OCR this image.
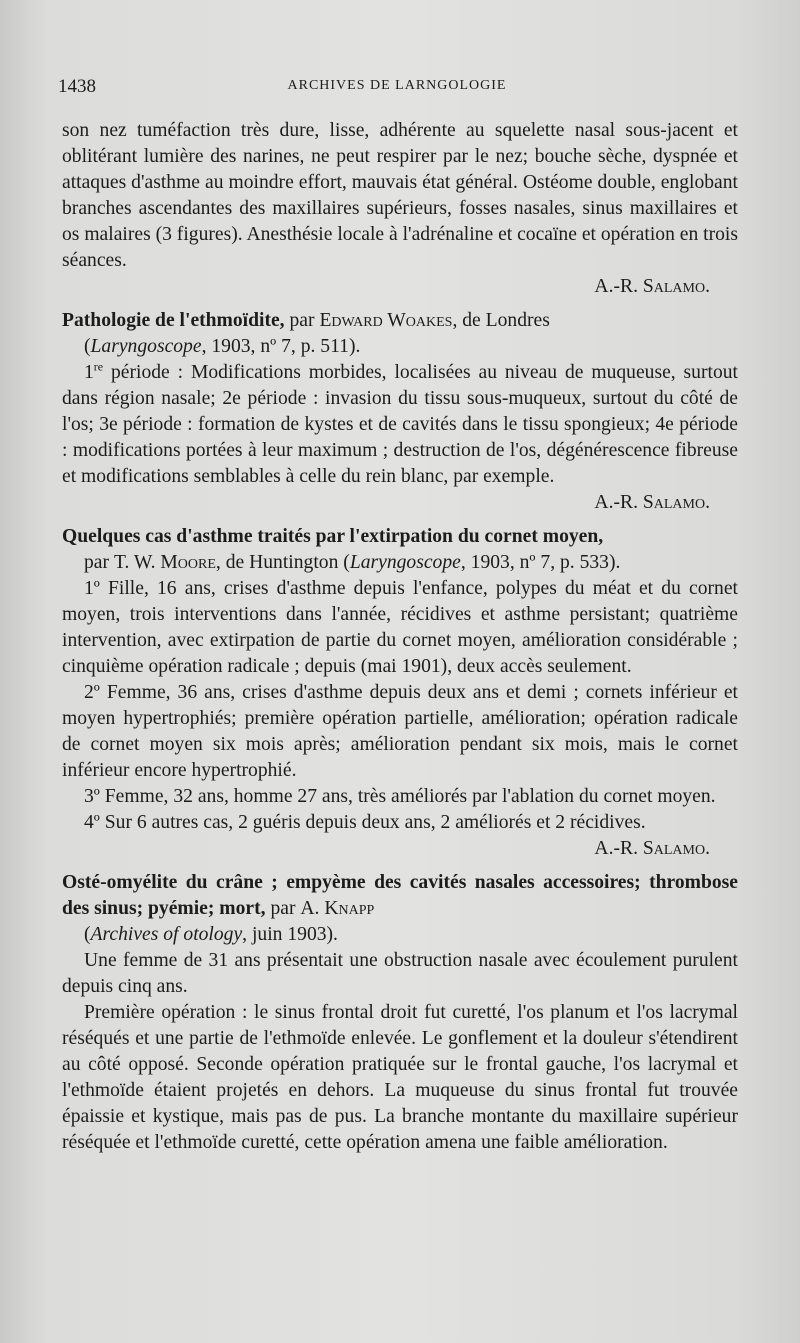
1438	ARCHIVES DE LARNGOLOGIE

son nez tuméfaction très dure, lisse, adhérente au squelette nasal sous-jacent et oblitérant lumière des narines, ne peut respirer par le nez; bouche sèche, dyspnée et attaques d'asthme au moindre effort, mauvais état général. Ostéome double, englobant branches ascendantes des maxillaires supérieurs, fosses nasales, sinus maxillaires et os malaires (3 figures). Anesthésie locale à l'adrénaline et cocaïne et opération en trois séances.

A.-R. Salamo.

Pathologie de l'ethmoïdite, par Edward Woakes, de Londres

(Laryngoscope, 1903, nº 7, p. 511).

1re période : Modifications morbides, localisées au niveau de muqueuse, surtout dans région nasale; 2e période : invasion du tissu sous-muqueux, surtout du côté de l'os; 3e période : formation de kystes et de cavités dans le tissu spongieux; 4e période : modifications portées à leur maximum ; destruction de l'os, dégénérescence fibreuse et modifications semblables à celle du rein blanc, par exemple.

A.-R. Salamo.

Quelques cas d'asthme traités par l'extirpation du cornet moyen,

par T. W. Moore, de Huntington (Laryngoscope, 1903, nº 7, p. 533).

1º Fille, 16 ans, crises d'asthme depuis l'enfance, polypes du méat et du cornet moyen, trois interventions dans l'année, récidives et asthme persistant; quatrième intervention, avec extirpation de partie du cornet moyen, amélioration considérable ; cinquième opération radicale ; depuis (mai 1901), deux accès seulement.

2º Femme, 36 ans, crises d'asthme depuis deux ans et demi ; cornets inférieur et moyen hypertrophiés; première opération partielle, amélioration; opération radicale de cornet moyen six mois après; amélioration pendant six mois, mais le cornet inférieur encore hypertrophié.

3º Femme, 32 ans, homme 27 ans, très améliorés par l'ablation du cornet moyen.

4º Sur 6 autres cas, 2 guéris depuis deux ans, 2 améliorés et 2 récidives.

A.-R. Salamo.

Osté-omyélite du crâne ; empyème des cavités nasales accessoires; thrombose des sinus; pyémie; mort, par A. Knapp

(Archives of otology, juin 1903).

Une femme de 31 ans présentait une obstruction nasale avec écoulement purulent depuis cinq ans.

Première opération : le sinus frontal droit fut curetté, l'os planum et l'os lacrymal réséqués et une partie de l'ethmoïde enlevée. Le gonflement et la douleur s'étendirent au côté opposé. Seconde opération pratiquée sur le frontal gauche, l'os lacrymal et l'ethmoïde étaient projetés en dehors. La muqueuse du sinus frontal fut trouvée épaissie et kystique, mais pas de pus. La branche montante du maxillaire supérieur réséquée et l'ethmoïde curetté, cette opération amena une faible amélioration.
